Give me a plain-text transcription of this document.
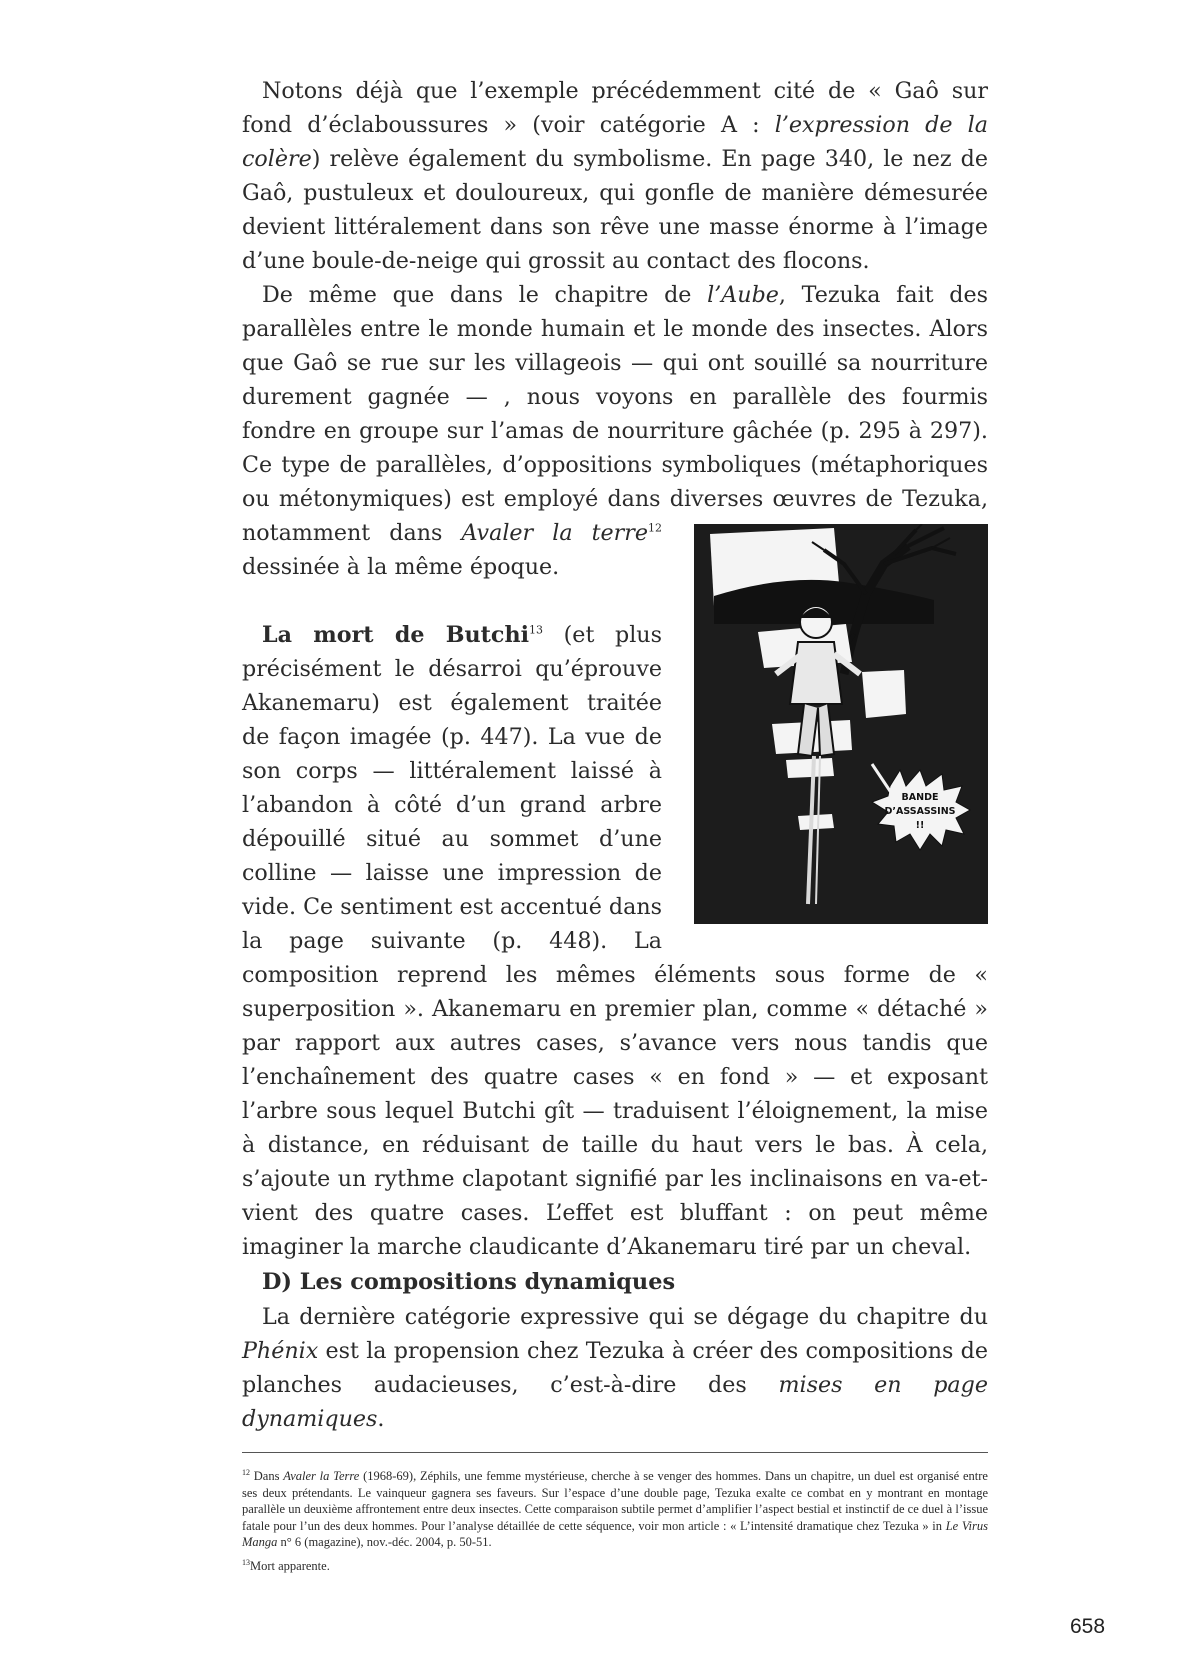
Notons déjà que l’exemple précédemment cité de « Gaô sur fond d’éclaboussures » (voir catégorie A : l’expression de la colère) relève également du symbolisme. En page 340, le nez de Gaô, pustuleux et douloureux, qui gonfle de manière démesurée devient littéralement dans son rêve une masse énorme à l’image d’une boule-de-neige qui grossit au contact des flocons.

De même que dans le chapitre de l’Aube, Tezuka fait des parallèles entre le monde humain et le monde des insectes. Alors que Gaô se rue sur les villageois — qui ont souillé sa nourriture durement gagnée — , nous voyons en parallèle des fourmis fondre en groupe sur l’amas de nourriture gâchée (p. 295 à 297). Ce type de parallèles, d’oppositions symboliques (métaphoriques ou métonymiques) est employé dans diverses œuvres de Tezuka, notamment dans
BANDE
D’ASSASSINS
!!
Avaler la terre$^{12}$ dessinée à la même époque.

La mort de Butchi$^{13}$ (et plus précisément le désarroi qu’éprouve Akanemaru) est également traitée de façon imagée (p. 447). La vue de son corps — littéralement laissé à l’abandon à côté d’un grand arbre dépouillé situé au sommet d’une colline — laisse une impression de vide. Ce sentiment est accentué dans la page suivante (p. 448). La composition reprend les mêmes éléments sous forme de « superposition ». Akanemaru en premier plan, comme « détaché » par rapport aux autres cases, s’avance vers nous tandis que l’enchaînement des quatre cases « en fond » — et exposant l’arbre sous lequel Butchi gît — traduisent l’éloignement, la mise à distance, en réduisant de taille du haut vers le bas. À cela, s’ajoute un rythme clapotant signifié par les inclinaisons en va-et-vient des quatre cases. L’effet est bluffant : on peut même imaginer la marche claudicante d’Akanemaru tiré par un cheval.

D) Les compositions dynamiques

La dernière catégorie expressive qui se dégage du chapitre du Phénix est la propension chez Tezuka à créer des compositions de planches audacieuses, c’est-à-dire des mises en page dynamiques.

$^{12}$ Dans Avaler la Terre (1968-69), Zéphils, une femme mystérieuse, cherche à se venger des hommes. Dans un chapitre, un duel est organisé entre ses deux prétendants. Le vainqueur gagnera ses faveurs. Sur l’espace d’une double page, Tezuka exalte ce combat en y montrant en montage parallèle un deuxième affrontement entre deux insectes. Cette comparaison subtile permet d’amplifier l’aspect bestial et instinctif de ce duel à l’issue fatale pour l’un des deux hommes. Pour l’analyse détaillée de cette séquence, voir mon article : « L’intensité dramatique chez Tezuka » in Le Virus Manga n° 6 (magazine), nov.-déc. 2004, p. 50-51.

$^{13}$Mort apparente.

658
